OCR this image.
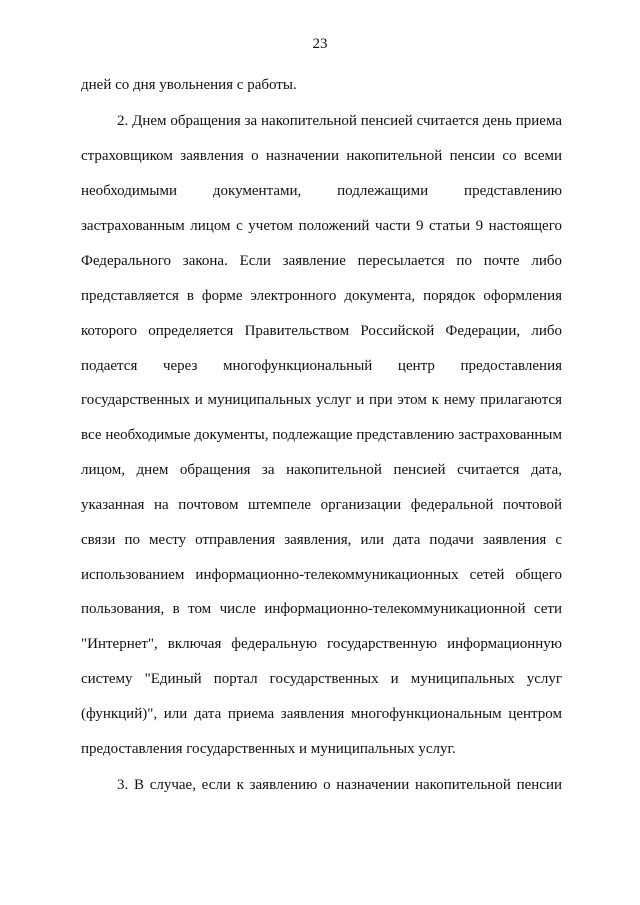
23
дней со дня увольнения с работы.
2. Днем обращения за накопительной пенсией считается день приема
страховщиком заявления о назначении накопительной пенсии со всеми
необходимыми документами, подлежащими представлению
застрахованным лицом с учетом положений части 9 статьи 9 настоящего
Федерального закона. Если заявление пересылается по почте либо
представляется в форме электронного документа, порядок оформления
которого определяется Правительством Российской Федерации, либо
подается через многофункциональный центр предоставления
государственных и муниципальных услуг и при этом к нему прилагаются
все необходимые документы, подлежащие представлению застрахованным
лицом, днем обращения за накопительной пенсией считается дата,
указанная на почтовом штемпеле организации федеральной почтовой
связи по месту отправления заявления, или дата подачи заявления с
использованием информационно-телекоммуникационных сетей общего
пользования, в том числе информационно-телекоммуникационной сети
"Интернет", включая федеральную государственную информационную
систему "Единый портал государственных и муниципальных услуг
(функций)", или дата приема заявления многофункциональным центром
предоставления государственных и муниципальных услуг.
3. В случае, если к заявлению о назначении накопительной пенсии
